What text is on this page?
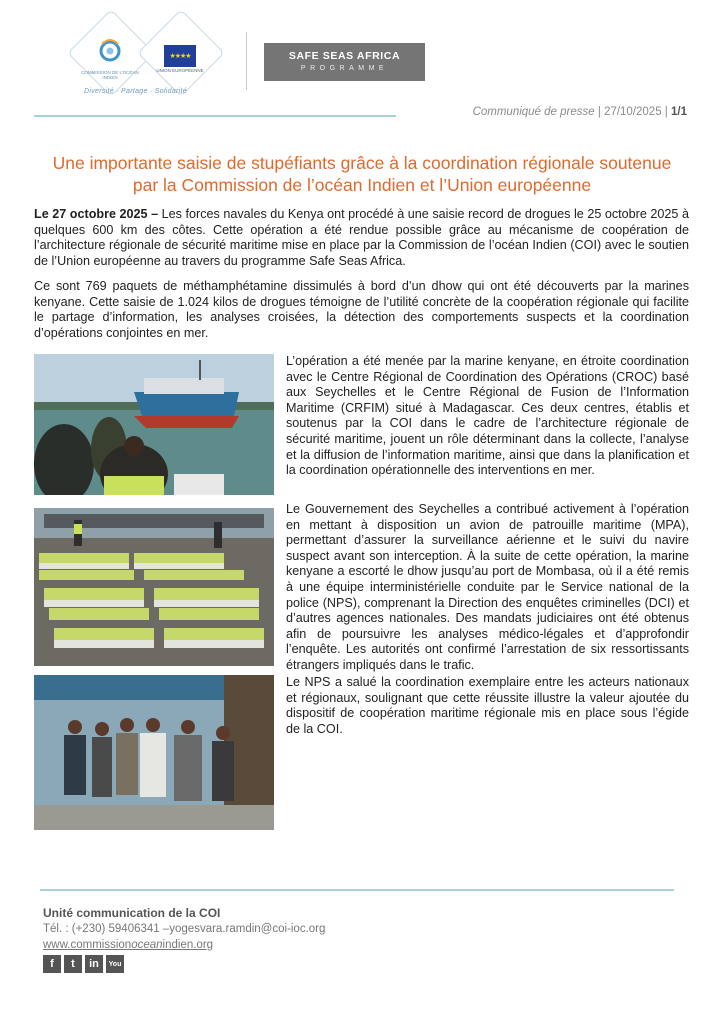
COMMISSION DE L'OCÉAN INDIEN
★★★★
UNION EUROPÉENNE
Diversité · Partage · Solidarité
SAFE SEAS AFRICA
PROGRAMME
Communiqué de presse | 27/10/2025 | 1/1
Une importante saisie de stupéfiants grâce à la coordination régionale soutenue par la Commission de l’océan Indien et l’Union européenne
Le 27 octobre 2025 – Les forces navales du Kenya ont procédé à une saisie record de drogues le 25 octobre 2025 à quelques 600 km des côtes. Cette opération a été rendue possible grâce au mécanisme de coopération de l’architecture régionale de sécurité maritime mise en place par la Commission de l’océan Indien (COI) avec le soutien de l’Union européenne au travers du programme Safe Seas Africa.
Ce sont 769 paquets de méthamphétamine dissimulés à bord d’un dhow qui ont été découverts par la marines kenyane. Cette saisie de 1.024 kilos de drogues témoigne de l’utilité concrète de la coopération régionale qui facilite le partage d’information, les analyses croisées, la détection des comportements suspects et la coordination d’opérations conjointes en mer.
L’opération a été menée par la marine kenyane, en étroite coordination avec le Centre Régional de Coordination des Opérations (CROC) basé aux Seychelles et le Centre Régional de Fusion de l’Information Maritime (CRFIM) situé à Madagascar. Ces deux centres, établis et soutenus par la COI dans le cadre de l’architecture régionale de sécurité maritime, jouent un rôle déterminant dans la collecte, l’analyse et la diffusion de l’information maritime, ainsi que dans la planification et la coordination opérationnelle des interventions en mer.
Le Gouvernement des Seychelles a contribué activement à l’opération en mettant à disposition un avion de patrouille maritime (MPA), permettant d’assurer la surveillance aérienne et le suivi du navire suspect avant son interception. À la suite de cette opération, la marine kenyane a escorté le dhow jusqu’au port de Mombasa, où il a été remis à une équipe interministérielle conduite par le Service national de la police (NPS), comprenant la Direction des enquêtes criminelles (DCI) et d’autres agences nationales. Des mandats judiciaires ont été obtenus afin de poursuivre les analyses médico-légales et d’approfondir l’enquête. Les autorités ont confirmé l’arrestation de six ressortissants étrangers impliqués dans le trafic.
Le NPS a salué la coordination exemplaire entre les acteurs nationaux et régionaux, soulignant que cette réussite illustre la valeur ajoutée du dispositif de coopération maritime régionale mis en place sous l’égide de la COI.
Unité communication de la COI
Tél. : (+230) 59406341 –yogesvara.ramdin@coi-ioc.org
www.commissionoceanindien.org
f	t	in	You
